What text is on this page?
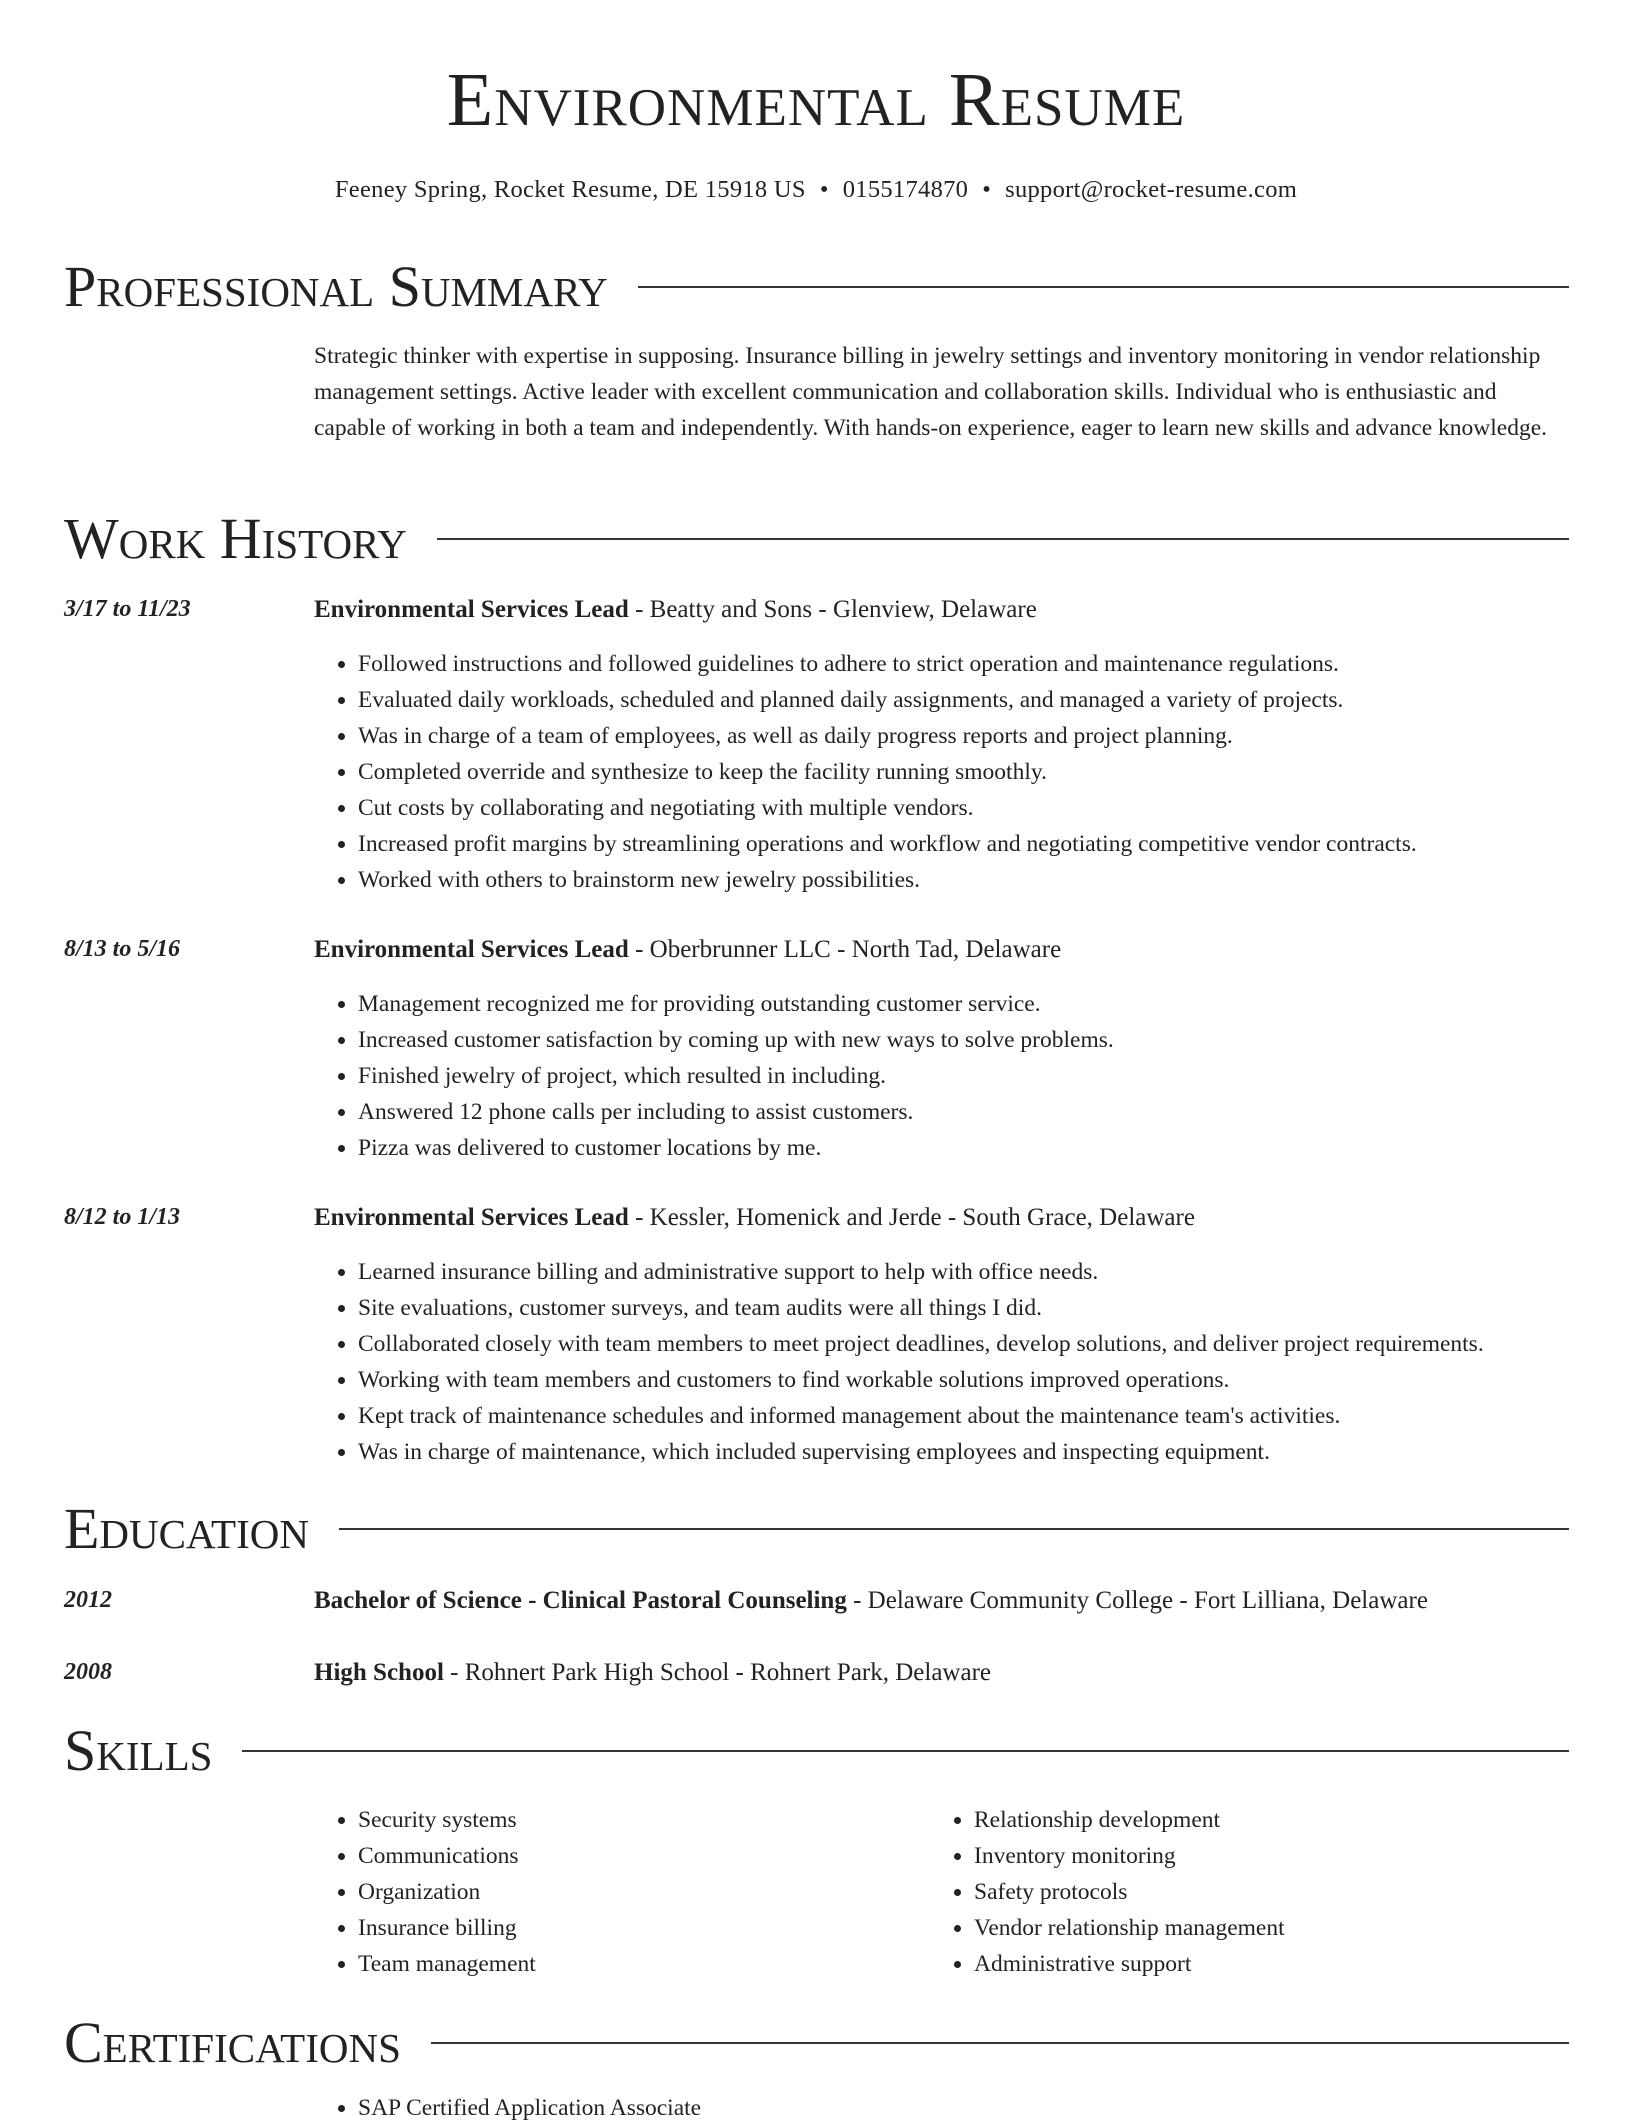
Environmental Resume
Feeney Spring, Rocket Resume, DE 15918 US • 0155174870 • support@rocket-resume.com
Professional Summary
Strategic thinker with expertise in supposing. Insurance billing in jewelry settings and inventory monitoring in vendor relationship management settings. Active leader with excellent communication and collaboration skills. Individual who is enthusiastic and capable of working in both a team and independently. With hands-on experience, eager to learn new skills and advance knowledge.
Work History
3/17 to 11/23	Environmental Services Lead - Beatty and Sons - Glenview, Delaware
• Followed instructions and followed guidelines to adhere to strict operation and maintenance regulations.
• Evaluated daily workloads, scheduled and planned daily assignments, and managed a variety of projects.
• Was in charge of a team of employees, as well as daily progress reports and project planning.
• Completed override and synthesize to keep the facility running smoothly.
• Cut costs by collaborating and negotiating with multiple vendors.
• Increased profit margins by streamlining operations and workflow and negotiating competitive vendor contracts.
• Worked with others to brainstorm new jewelry possibilities.
8/13 to 5/16	Environmental Services Lead - Oberbrunner LLC - North Tad, Delaware
• Management recognized me for providing outstanding customer service.
• Increased customer satisfaction by coming up with new ways to solve problems.
• Finished jewelry of project, which resulted in including.
• Answered 12 phone calls per including to assist customers.
• Pizza was delivered to customer locations by me.
8/12 to 1/13	Environmental Services Lead - Kessler, Homenick and Jerde - South Grace, Delaware
• Learned insurance billing and administrative support to help with office needs.
• Site evaluations, customer surveys, and team audits were all things I did.
• Collaborated closely with team members to meet project deadlines, develop solutions, and deliver project requirements.
• Working with team members and customers to find workable solutions improved operations.
• Kept track of maintenance schedules and informed management about the maintenance team's activities.
• Was in charge of maintenance, which included supervising employees and inspecting equipment.
Education
2012	Bachelor of Science - Clinical Pastoral Counseling - Delaware Community College - Fort Lilliana, Delaware
2008	High School - Rohnert Park High School - Rohnert Park, Delaware
Skills
• Security systems
• Communications
• Organization
• Insurance billing
• Team management
• Relationship development
• Inventory monitoring
• Safety protocols
• Vendor relationship management
• Administrative support
Certifications
• SAP Certified Application Associate
